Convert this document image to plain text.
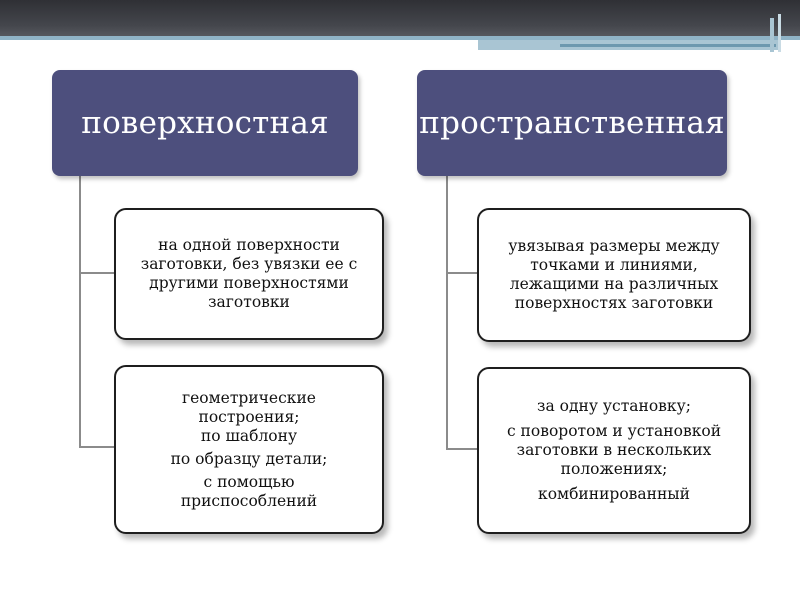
поверхностная	пространственная
на одной поверхности
заготовки, без увязки ее с
другими поверхностями
заготовки
геометрические
построения;
по шаблону
по образцу детали;
с помощью
приспособлений
увязывая размеры между
точками и линиями,
лежащими на различных
поверхностях заготовки
за одну установку;
с поворотом и установкой
заготовки в нескольких
положениях;
комбинированный
